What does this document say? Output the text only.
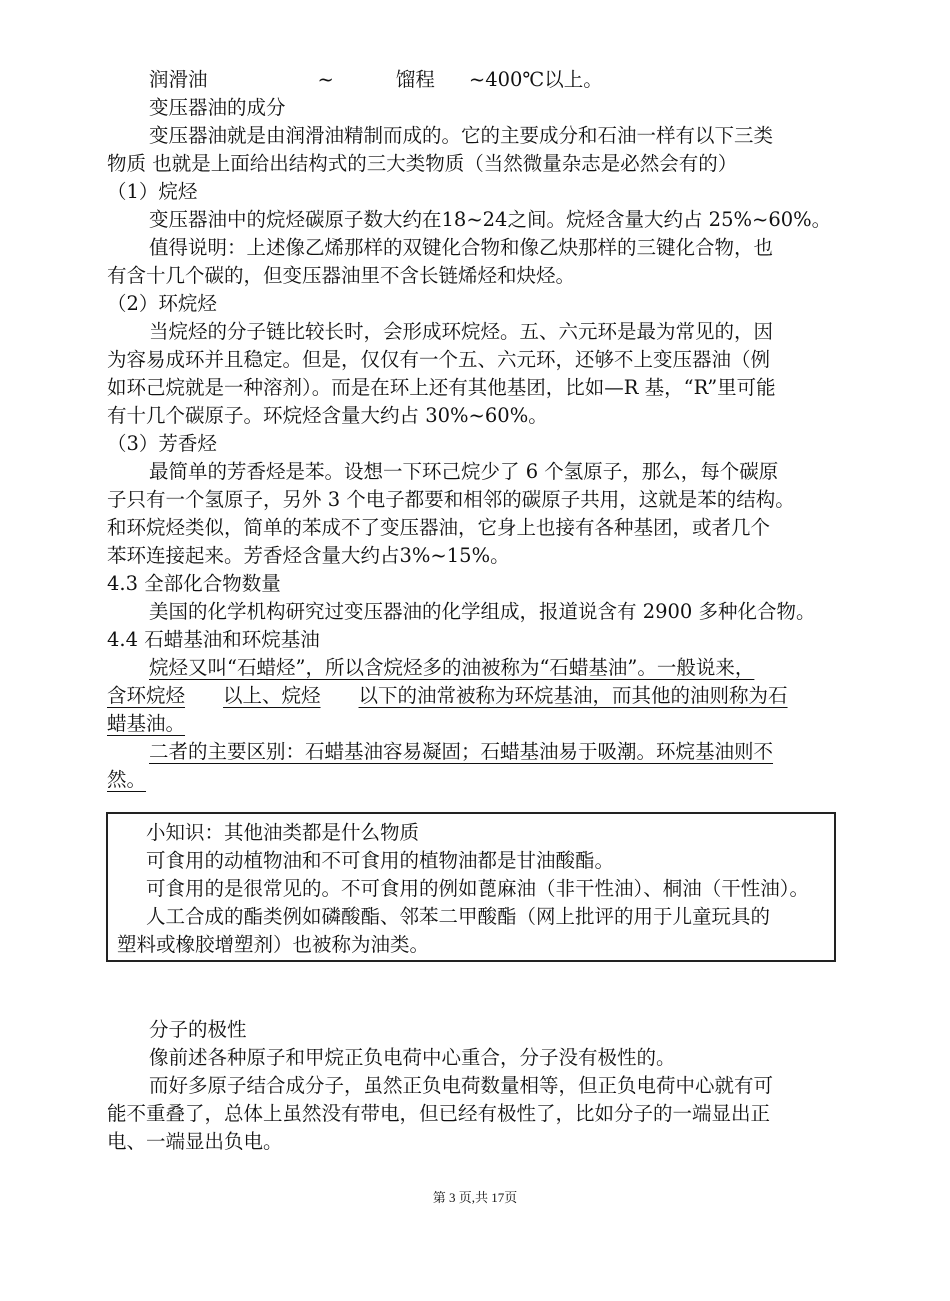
润滑油	~	馏程 ~400℃以上。
变压器油的成分
变压器油就是由润滑油精制而成的。它的主要成分和石油一样有以下三类
物质 也就是上面给出结构式的三大类物质（当然微量杂志是必然会有的）
（1）烷烃
变压器油中的烷烃碳原子数大约在18~24之间。烷烃含量大约占 25%~60%。
值得说明：上述像乙烯那样的双键化合物和像乙炔那样的三键化合物，也
有含十几个碳的，但变压器油里不含长链烯烃和炔烃。
（2）环烷烃
当烷烃的分子链比较长时，会形成环烷烃。五、六元环是最为常见的，因
为容易成环并且稳定。但是，仅仅有一个五、六元环，还够不上变压器油（例
如环己烷就是一种溶剂）。而是在环上还有其他基团，比如—R 基，“R”里可能
有十几个碳原子。环烷烃含量大约占 30%~60%。
（3）芳香烃
最简单的芳香烃是苯。设想一下环己烷少了 6 个氢原子，那么，每个碳原
子只有一个氢原子，另外 3 个电子都要和相邻的碳原子共用，这就是苯的结构。
和环烷烃类似，简单的苯成不了变压器油，它身上也接有各种基团，或者几个
苯环连接起来。芳香烃含量大约占3%~15%。
4.3 全部化合物数量
美国的化学机构研究过变压器油的化学组成，报道说含有 2900 多种化合物。
4.4 石蜡基油和环烷基油
烷烃又叫“石蜡烃”，所以含烷烃多的油被称为“石蜡基油”。一般说来，
含环烷烃 以上、烷烃 以下的油常被称为环烷基油，而其他的油则称为石
蜡基油。
二者的主要区别：石蜡基油容易凝固；石蜡基油易于吸潮。环烷基油则不
然。
小知识：其他油类都是什么物质
可食用的动植物油和不可食用的植物油都是甘油酸酯。
可食用的是很常见的。不可食用的例如蓖麻油（非干性油）、桐油（干性油）。
人工合成的酯类例如磷酸酯、邻苯二甲酸酯（网上批评的用于儿童玩具的
塑料或橡胶增塑剂）也被称为油类。
分子的极性
像前述各种原子和甲烷正负电荷中心重合，分子没有极性的。
而好多原子结合成分子，虽然正负电荷数量相等，但正负电荷中心就有可
能不重叠了，总体上虽然没有带电，但已经有极性了，比如分子的一端显出正
电、一端显出负电。
第 3 页,共 17页
